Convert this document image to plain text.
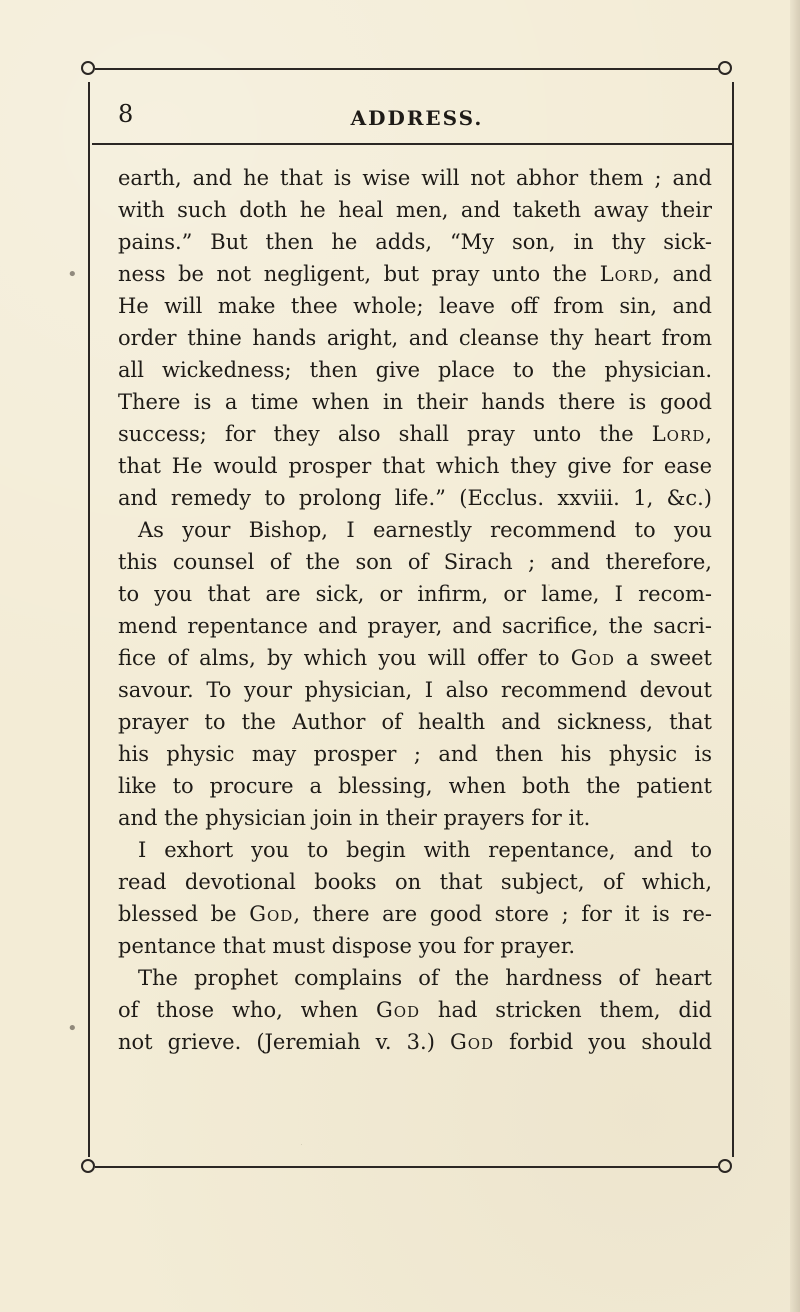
8	ADDRESS.
•
•
earth, and he that is wise will not abhor them ; and
with such doth he heal men, and taketh away their
pains.” But then he adds, “My son, in thy sick-
ness be not negligent, but pray unto the Lord, and
He will make thee whole; leave off from sin, and
order thine hands aright, and cleanse thy heart from
all wickedness; then give place to the physician.
There is a time when in their hands there is good
success; for they also shall pray unto the Lord,
that He would prosper that which they give for ease
and remedy to prolong life.” (Ecclus. xxviii. 1, &c.)
As your Bishop, I earnestly recommend to you
this counsel of the son of Sirach ; and therefore,
to you that are sick, or infirm, or lame, I recom-
mend repentance and prayer, and sacrifice, the sacri-
fice of alms, by which you will offer to God a sweet
savour. To your physician, I also recommend devout
prayer to the Author of health and sickness, that
his physic may prosper ; and then his physic is
like to procure a blessing, when both the patient
and the physician join in their prayers for it.
I exhort you to begin with repentance, and to
read devotional books on that subject, of which,
blessed be God, there are good store ; for it is re-
pentance that must dispose you for prayer.
The prophet complains of the hardness of heart
of those who, when God had stricken them, did
not grieve. (Jeremiah v. 3.) God forbid you should
